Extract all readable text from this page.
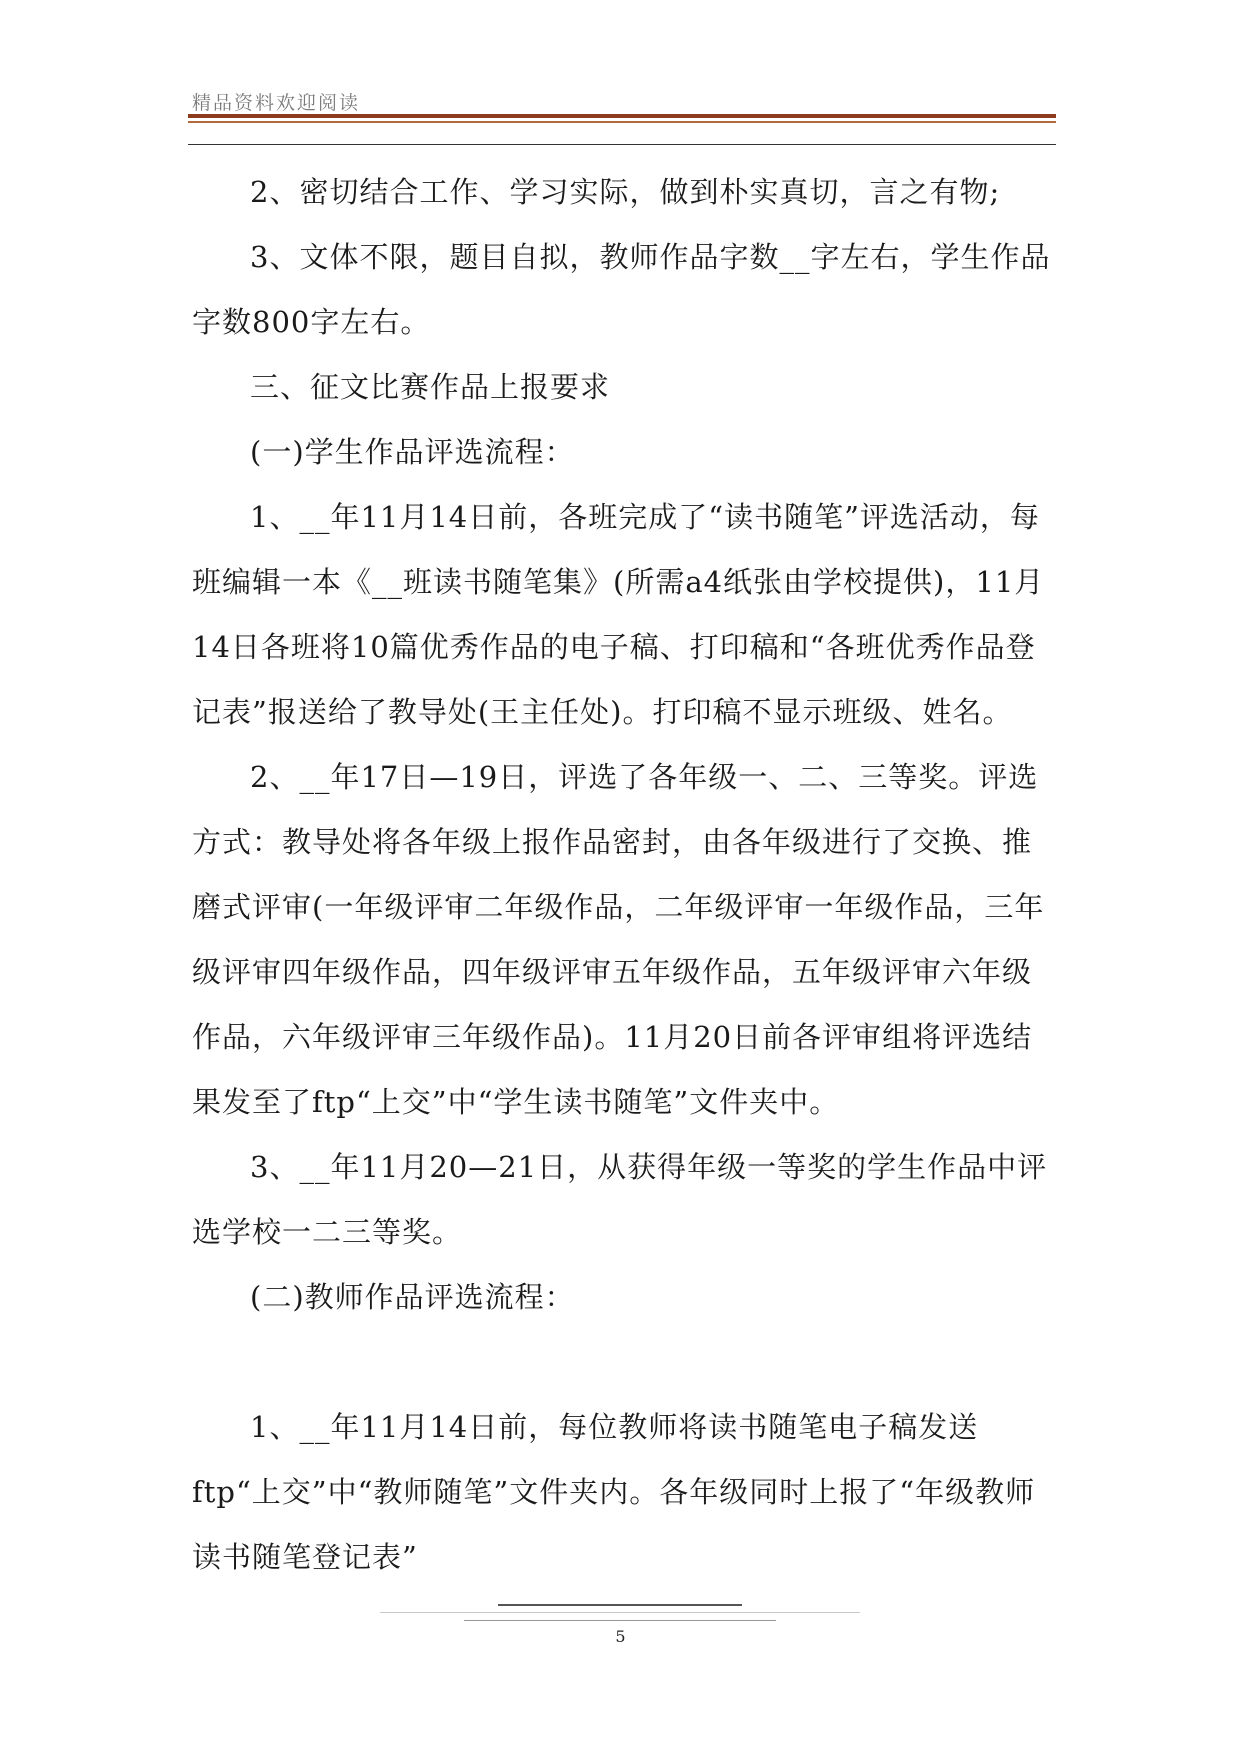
精品资料欢迎阅读

2、密切结合工作、学习实际，做到朴实真切，言之有物;

3、文体不限，题目自拟，教师作品字数__字左右，学生作品字数800字左右。

三、征文比赛作品上报要求

(一)学生作品评选流程：

1、__年11月14日前，各班完成了“读书随笔”评选活动，每班编辑一本《__班读书随笔集》(所需a4纸张由学校提供)，11月14日各班将10篇优秀作品的电子稿、打印稿和“各班优秀作品登记表”报送给了教导处(王主任处)。打印稿不显示班级、姓名。

2、__年17日—19日，评选了各年级一、二、三等奖。评选方式：教导处将各年级上报作品密封，由各年级进行了交换、推磨式评审(一年级评审二年级作品，二年级评审一年级作品，三年级评审四年级作品，四年级评审五年级作品，五年级评审六年级作品，六年级评审三年级作品)。11月20日前各评审组将评选结果发至了ftp“上交”中“学生读书随笔”文件夹中。

3、__年11月20—21日，从获得年级一等奖的学生作品中评选学校一二三等奖。

(二)教师作品评选流程：

1、__年11月14日前，每位教师将读书随笔电子稿发送ftp“上交”中“教师随笔”文件夹内。各年级同时上报了“年级教师读书随笔登记表”

5
